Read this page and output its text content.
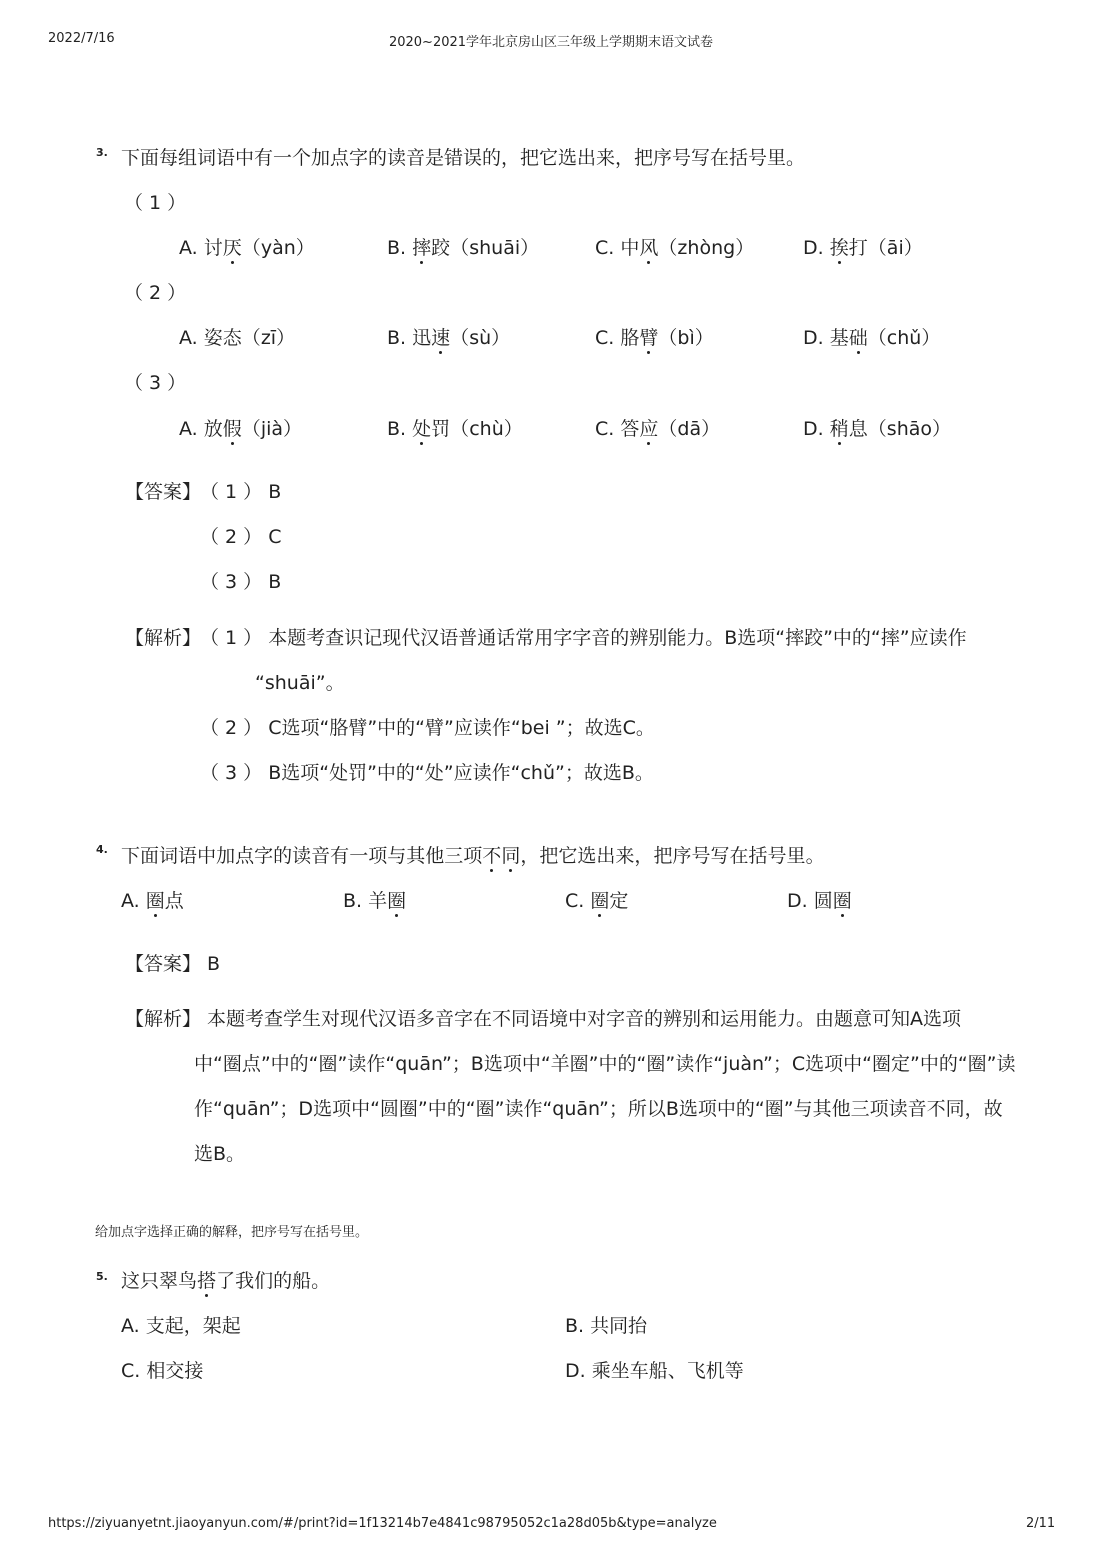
2022/7/16	2020~2021学年北京房山区三年级上学期期末语文试卷
3. 下面每组词语中有一个加点字的读音是错误的，把它选出来，把序号写在括号里。
（ 1 ）
A. 讨厌（yàn）	B. 摔跤（shuāi）	C. 中风（zhòng）	D. 挨打（āi）
（ 2 ）
A. 姿态（zī）	B. 迅速（sù）	C. 胳臂（bì）	D. 基础（chǔ）
（ 3 ）
A. 放假（jià）	B. 处罚（chù）	C. 答应（dā）	D. 稍息（shāo）
【答案】
（ 1 ） B
（ 2 ） C
（ 3 ） B
【解析】
（ 1 ） 本题考查识记现代汉语普通话常用字字音的辨别能力。B选项“摔跤”中的“摔”应读作
“shuāi”。
（ 2 ） C选项“胳臂”中的“臂”应读作“bei ”；故选C。
（ 3 ） B选项“处罚”中的“处”应读作“chǔ”；故选B。
4. 下面词语中加点字的读音有一项与其他三项不同，把它选出来，把序号写在括号里。
A. 圈点	B. 羊圈	C. 圈定	D. 圆圈
【答案】 B
【解析】 本题考查学生对现代汉语多音字在不同语境中对字音的辨别和运用能力。由题意可知A选项
中“圈点”中的“圈”读作“quān”；B选项中“羊圈”中的“圈”读作“juàn”；C选项中“圈定”中的“圈”读
作“quān”；D选项中“圆圈”中的“圈”读作“quān”；所以B选项中的“圈”与其他三项读音不同，故
选B。
给加点字选择正确的解释，把序号写在括号里。
5. 这只翠鸟搭了我们的船。
A. 支起，架起	B. 共同抬
C. 相交接	D. 乘坐车船、飞机等
https://ziyuanyetnt.jiaoyanyun.com/#/print?id=1f13214b7e4841c98795052c1a28d05b&type=analyze	2/11
